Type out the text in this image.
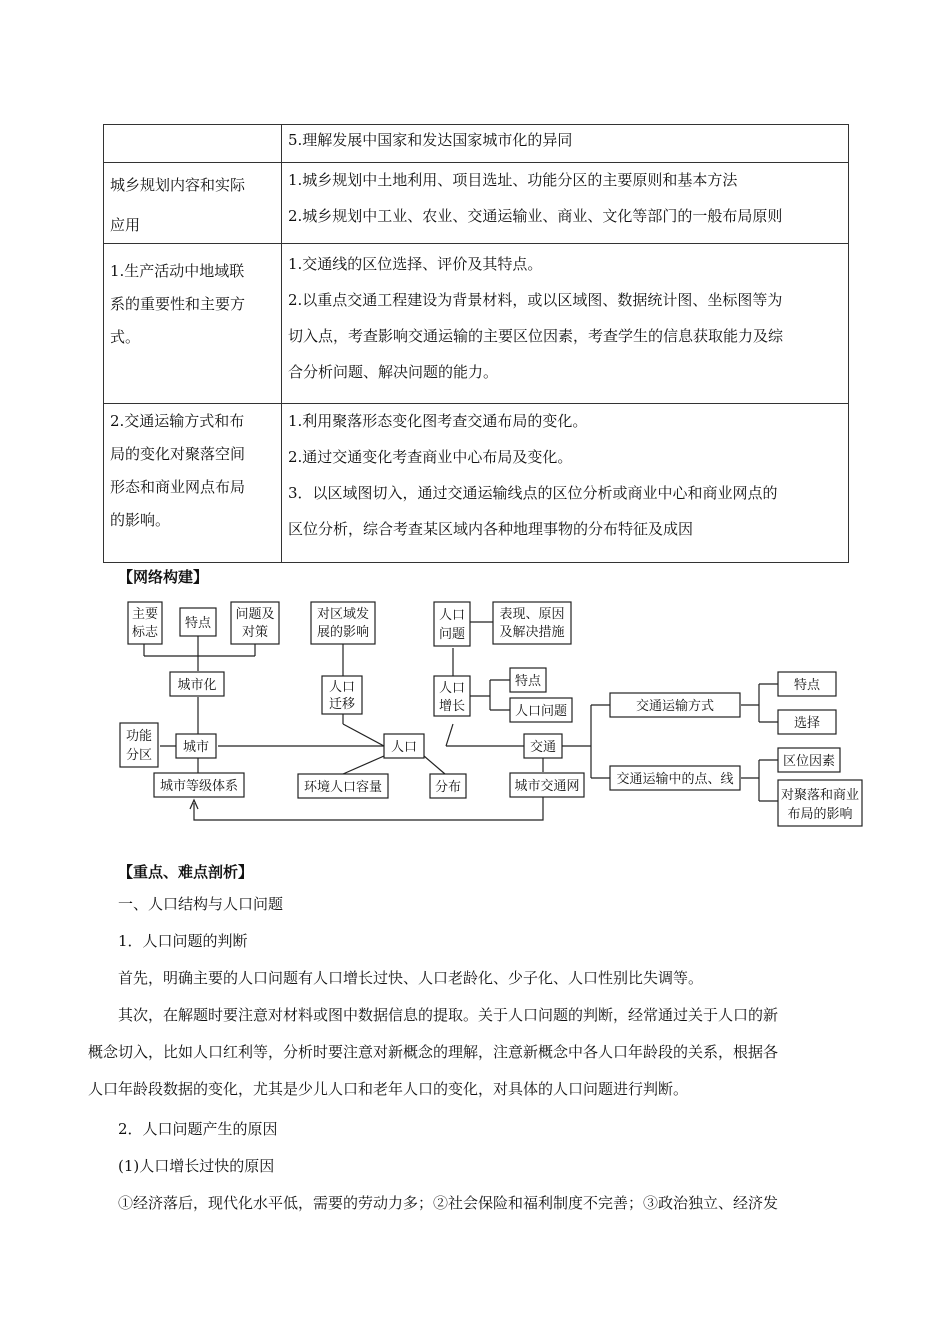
	5.理解发展中国家和发达国家城市化的异同

城乡规划内容和实际
应用	1.城乡规划中土地利用、项目选址、功能分区的主要原则和基本方法
2.城乡规划中工业、农业、交通运输业、商业、文化等部门的一般布局原则

1.生产活动中地域联
系的重要性和主要方
式。	1.交通线的区位选择、评价及其特点。
2.以重点交通工程建设为背景材料，或以区域图、数据统计图、坐标图等为
切入点，考查影响交通运输的主要区位因素，考查学生的信息获取能力及综
合分析问题、解决问题的能力。

2.交通运输方式和布
局的变化对聚落空间
形态和商业网点布局
的影响。	1.利用聚落形态变化图考查交通布局的变化。
2.通过交通变化考查商业中心布局及变化。
3．以区域图切入，通过交通运输线点的区位分析或商业中心和商业网点的
区位分析，综合考查某区域内各种地理事物的分布特征及成因
【网络构建】
主要
标志
特点
问题及
对策
城市化
功能
分区
城市
城市等级体系
对区域发
展的影响
人口
迁移
人口
环境人口容量	分布
人口
问题
表现、原因
及解决措施
人口
增长
特点
人口问题
交通
城市交通网
交通运输方式
交通运输中的点、线
特点
选择
区位因素
对聚落和商业
布局的影响
【重点、难点剖析】
一、人口结构与人口问题
1．人口问题的判断
首先，明确主要的人口问题有人口增长过快、人口老龄化、少子化、人口性别比失调等。
其次，在解题时要注意对材料或图中数据信息的提取。关于人口问题的判断，经常通过关于人口的新
概念切入，比如人口红利等，分析时要注意对新概念的理解，注意新概念中各人口年龄段的关系，根据各
人口年龄段数据的变化，尤其是少儿人口和老年人口的变化，对具体的人口问题进行判断。
2．人口问题产生的原因
(1)人口增长过快的原因
①经济落后，现代化水平低，需要的劳动力多；②社会保险和福利制度不完善；③政治独立、经济发
